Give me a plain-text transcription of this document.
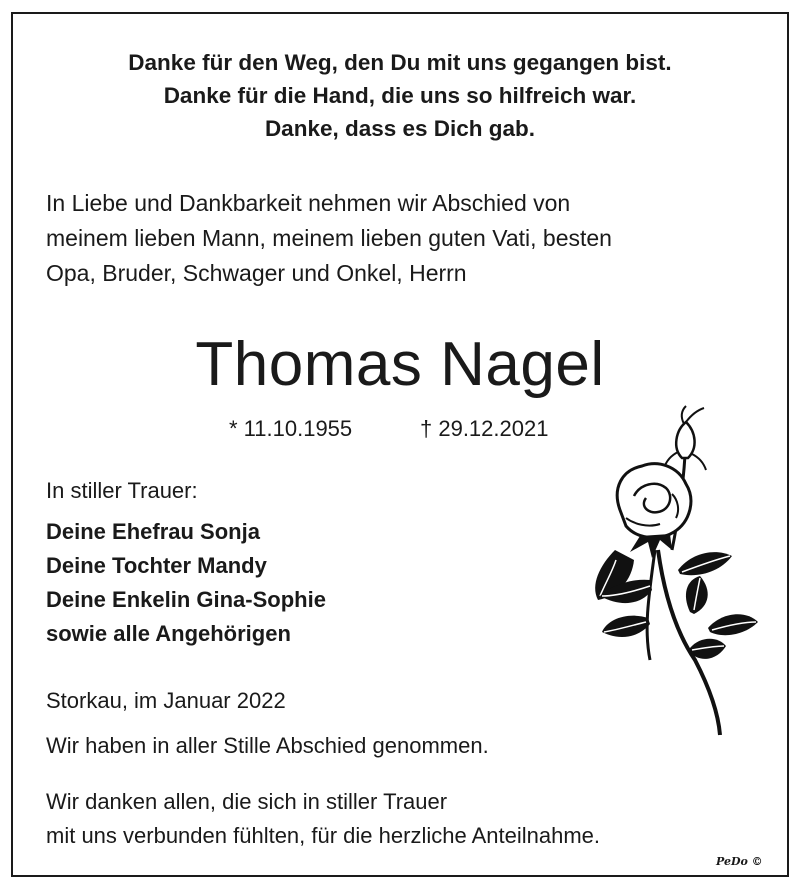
Danke für den Weg, den Du mit uns gegangen bist.
Danke für die Hand, die uns so hilfreich war.
Danke, dass es Dich gab.
In Liebe und Dankbarkeit nehmen wir Abschied von
meinem lieben Mann, meinem lieben guten Vati, besten
Opa, Bruder, Schwager und Onkel, Herrn
Thomas Nagel
* 11.10.1955	† 29.12.2021
In stiller Trauer:
Deine Ehefrau Sonja
Deine Tochter Mandy
Deine Enkelin Gina-Sophie
sowie alle Angehörigen
Storkau, im Januar 2022
Wir haben in aller Stille Abschied genommen.
Wir danken allen, die sich in stiller Trauer
mit uns verbunden fühlten, für die herzliche Anteilnahme.
PeDo ©
